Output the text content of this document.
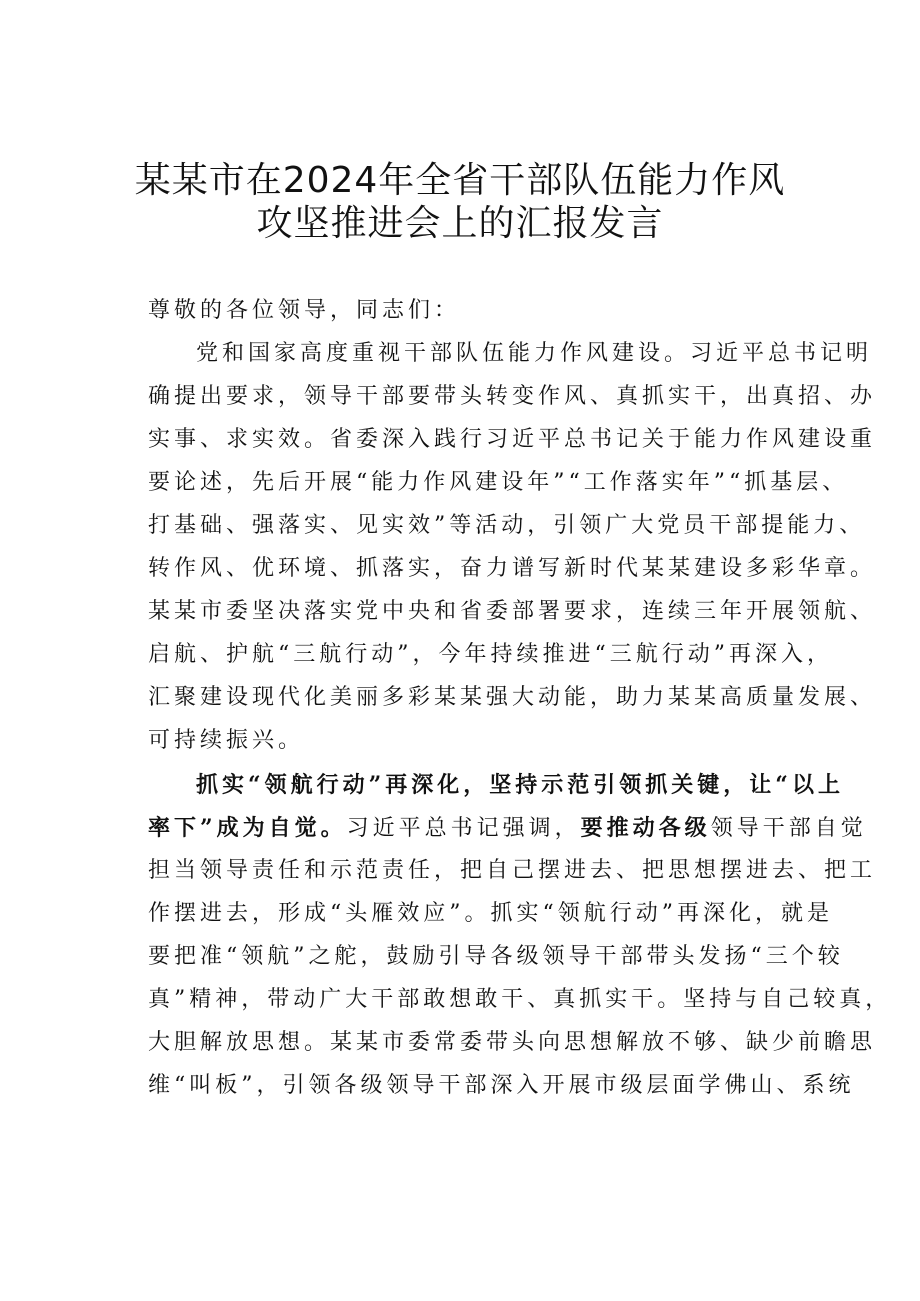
某某市在2024年全省干部队伍能力作风
攻坚推进会上的汇报发言
尊敬的各位领导，同志们：
党和国家高度重视干部队伍能力作风建设。习近平总书记明
确提出要求，领导干部要带头转变作风、真抓实干，出真招、办
实事、求实效。省委深入践行习近平总书记关于能力作风建设重
要论述，先后开展“能力作风建设年”“工作落实年”“抓基层、
打基础、强落实、见实效”等活动，引领广大党员干部提能力、
转作风、优环境、抓落实，奋力谱写新时代某某建设多彩华章。
某某市委坚决落实党中央和省委部署要求，连续三年开展领航、
启航、护航“三航行动”，今年持续推进“三航行动”再深入，
汇聚建设现代化美丽多彩某某强大动能，助力某某高质量发展、
可持续振兴。
抓实“领航行动”再深化，坚持示范引领抓关键，让“以上
率下”成为自觉。习近平总书记强调，要推动各级领导干部自觉
担当领导责任和示范责任，把自己摆进去、把思想摆进去、把工
作摆进去，形成“头雁效应”。抓实“领航行动”再深化，就是
要把准“领航”之舵，鼓励引导各级领导干部带头发扬“三个较
真”精神，带动广大干部敢想敢干、真抓实干。坚持与自己较真，
大胆解放思想。某某市委常委带头向思想解放不够、缺少前瞻思
维“叫板”，引领各级领导干部深入开展市级层面学佛山、系统
